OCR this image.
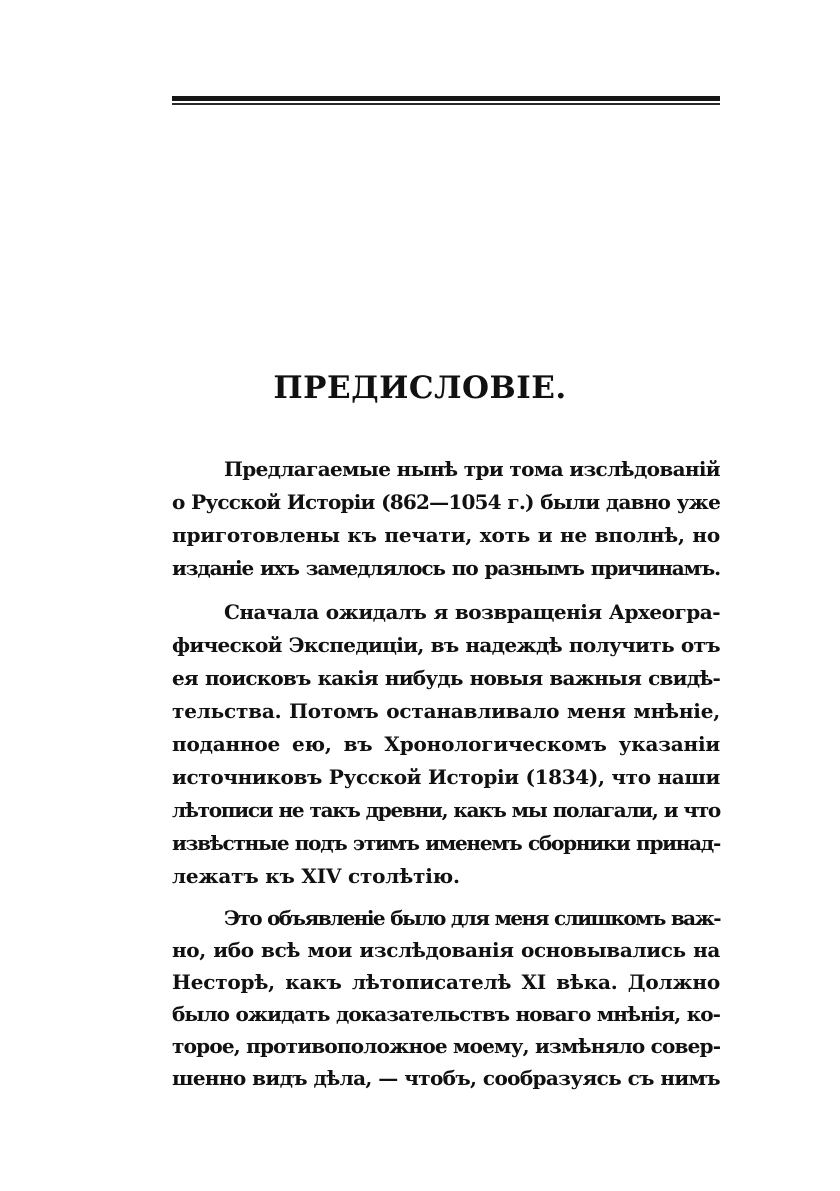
ПРЕДИСЛОВІЕ.
Предлагаемые нынѣ три тома изслѣдованій
о Русской Исторіи (862—1054 г.) были давно уже
приготовлены къ печати, хоть и не вполнѣ, но
изданіе ихъ замедлялось по разнымъ причинамъ.
Сначала ожидалъ я возвращенія Археогра-
фической Экспедиціи, въ надеждѣ получить отъ
ея поисковъ какія нибудь новыя важныя свидѣ-
тельства. Потомъ останавливало меня мнѣніе,
поданное ею, въ Хронологическомъ указаніи
источниковъ Русской Исторіи (1834), что наши
лѣтописи не такъ древни, какъ мы полагали, и что
извѣстные подъ этимъ именемъ сборники принад-
лежатъ къ XIV столѣтію.
Это объявленіе было для меня слишкомъ важ-
но, ибо всѣ мои изслѣдованія основывались на
Несторѣ, какъ лѣтописателѣ XI вѣка. Должно
было ожидать доказательствъ новаго мнѣнія, ко-
торое, противоположное моему, измѣняло совер-
шенно видъ дѣла, — чтобъ, сообразуясь съ нимъ
